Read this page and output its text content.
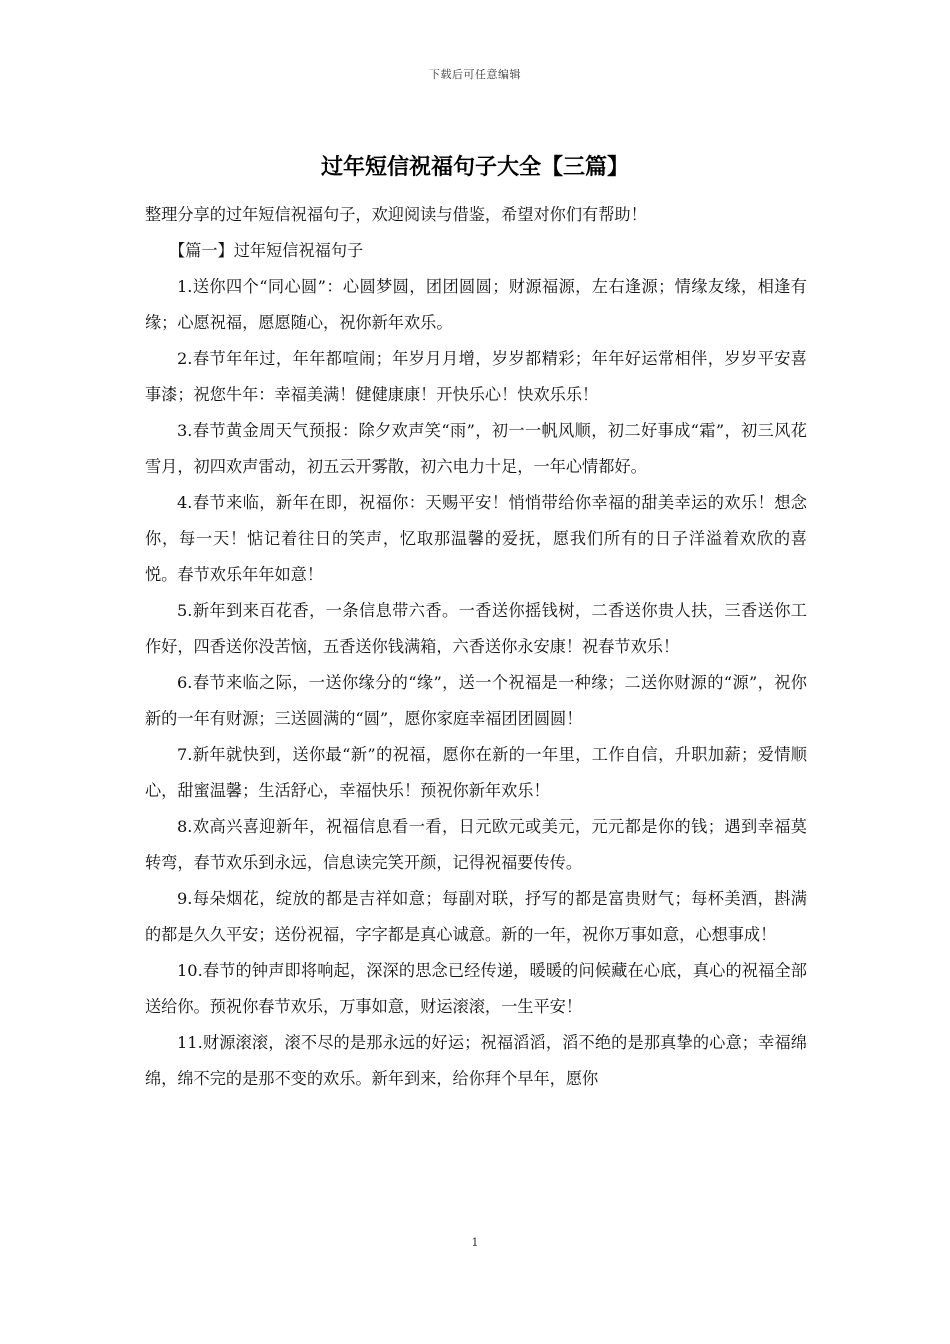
下载后可任意编辑
过年短信祝福句子大全【三篇】

整理分享的过年短信祝福句子，欢迎阅读与借鉴，希望对你们有帮助！

【篇一】过年短信祝福句子

1.送你四个“同心圆”：心圆梦圆，团团圆圆；财源福源，左右逢源；情缘友缘，相逢有缘；心愿祝福，愿愿随心，祝你新年欢乐。

2.春节年年过，年年都喧闹；年岁月月增，岁岁都精彩；年年好运常相伴，岁岁平安喜事漆；祝您牛年：幸福美满！健健康康！开快乐心！快欢乐乐！

3.春节黄金周天气预报：除夕欢声笑“雨”，初一一帆风顺，初二好事成“霜”，初三风花雪月，初四欢声雷动，初五云开雾散，初六电力十足，一年心情都好。

4.春节来临，新年在即，祝福你：天赐平安！悄悄带给你幸福的甜美幸运的欢乐！想念你，每一天！惦记着往日的笑声，忆取那温馨的爱抚，愿我们所有的日子洋溢着欢欣的喜悦。春节欢乐年年如意！

5.新年到来百花香，一条信息带六香。一香送你摇钱树，二香送你贵人扶，三香送你工作好，四香送你没苦恼，五香送你钱满箱，六香送你永安康！祝春节欢乐！

6.春节来临之际，一送你缘分的“缘”，送一个祝福是一种缘；二送你财源的“源”，祝你新的一年有财源；三送圆满的“圆”，愿你家庭幸福团团圆圆！

7.新年就快到，送你最“新”的祝福，愿你在新的一年里，工作自信，升职加薪；爱情顺心，甜蜜温馨；生活舒心，幸福快乐！预祝你新年欢乐！

8.欢高兴喜迎新年，祝福信息看一看，日元欧元或美元，元元都是你的钱；遇到幸福莫转弯，春节欢乐到永远，信息读完笑开颜，记得祝福要传传。

9.每朵烟花，绽放的都是吉祥如意；每副对联，抒写的都是富贵财气；每杯美酒，斟满的都是久久平安；送份祝福，字字都是真心诚意。新的一年，祝你万事如意，心想事成！

10.春节的钟声即将响起，深深的思念已经传递，暖暖的问候藏在心底，真心的祝福全部送给你。预祝你春节欢乐，万事如意，财运滚滚，一生平安！

11.财源滚滚，滚不尽的是那永远的好运；祝福滔滔，滔不绝的是那真挚的心意；幸福绵绵，绵不完的是那不变的欢乐。新年到来，给你拜个早年，愿你

1
